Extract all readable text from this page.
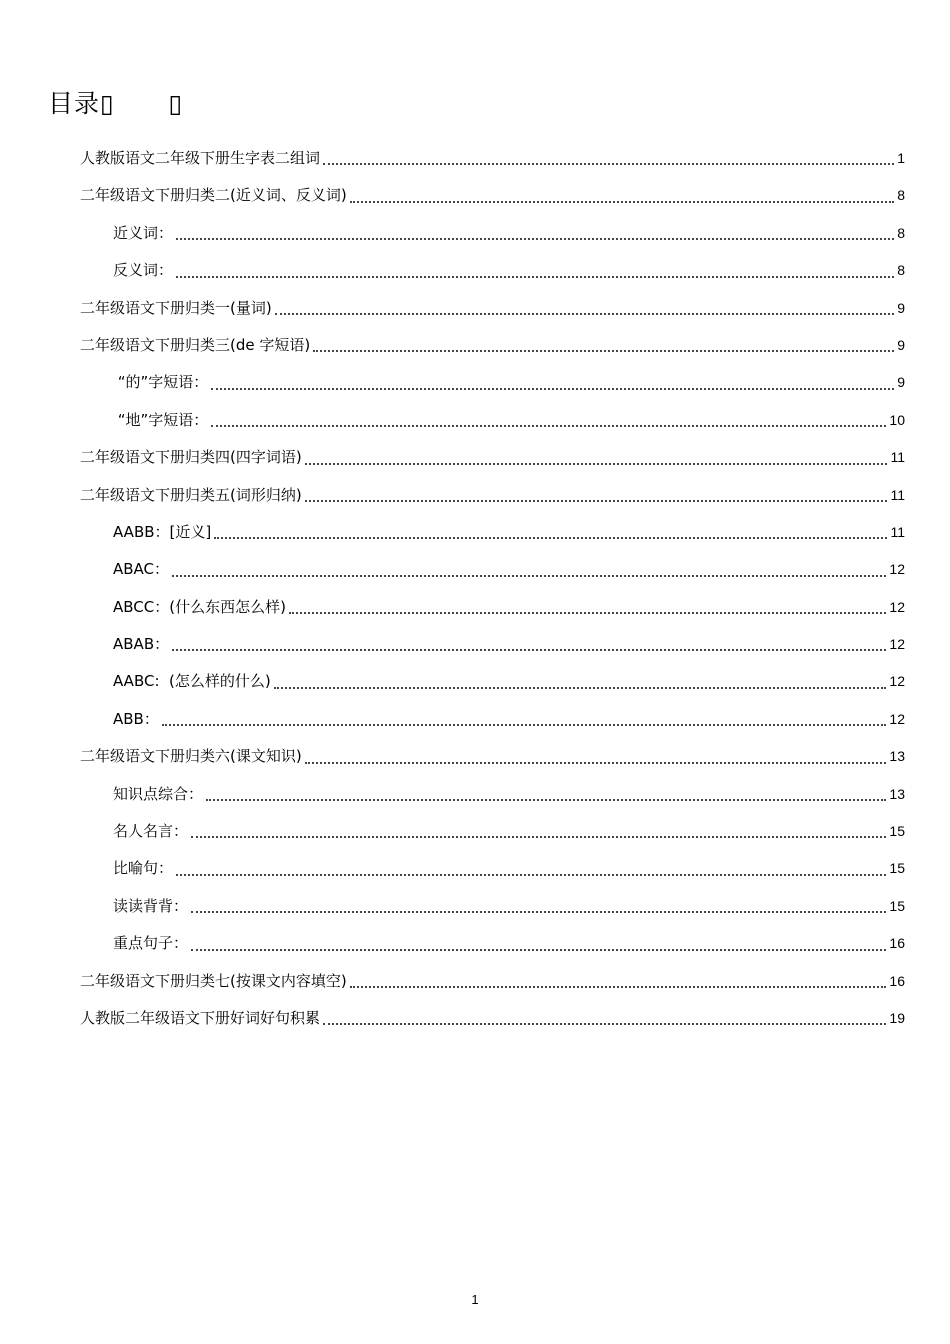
目录▯      ▯
人教版语文二年级下册生字表二组词	1
二年级语文下册归类二(近义词、反义词)	8
近义词：	8
反义词：	8
二年级语文下册归类一(量词)	9
二年级语文下册归类三(de 字短语)	9
“的”字短语：	9
“地”字短语：	10
二年级语文下册归类四(四字词语)	11
二年级语文下册归类五(词形归纳)	11
AABB：[近义]	11
ABAC：	12
ABCC：(什么东西怎么样)	12
ABAB：	12
AABC:  (怎么样的什么)	12
ABB：	12
二年级语文下册归类六(课文知识)	13
知识点综合：	13
名人名言：	15
比喻句：	15
读读背背：	15
重点句子：	16
二年级语文下册归类七(按课文内容填空)	16
人教版二年级语文下册好词好句积累	19
1
